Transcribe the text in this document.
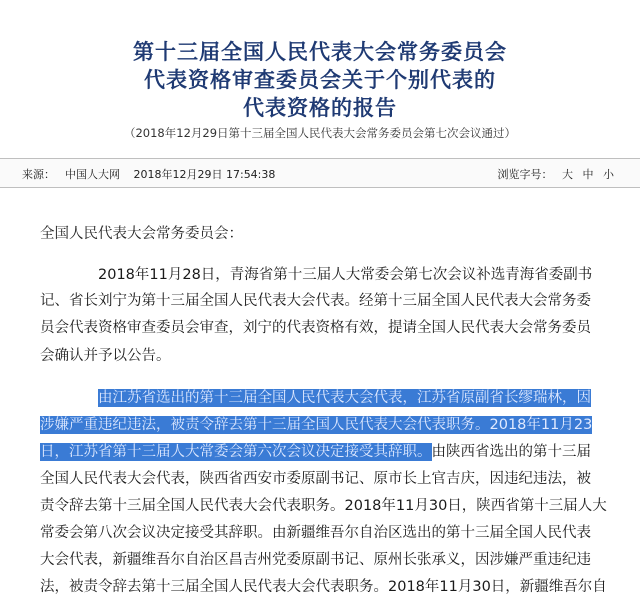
第十三届全国人民代表大会常务委员会
代表资格审查委员会关于个别代表的
代表资格的报告
（2018年12月29日第十三届全国人民代表大会常务委员会第七次会议通过）
来源： 中国人大网 2018年12月29日 17:54:38	浏览字号： 大 中 小
全国人民代表大会常务委员会：
2018年11月28日，青海省第十三届人大常委会第七次会议补选青海省委副书
记、省长刘宁为第十三届全国人民代表大会代表。经第十三届全国人民代表大会常务委
员会代表资格审查委员会审查，刘宁的代表资格有效，提请全国人民代表大会常务委员
会确认并予以公告。
由江苏省选出的第十三届全国人民代表大会代表，江苏省原副省长缪瑞林，因
涉嫌严重违纪违法，被责令辞去第十三届全国人民代表大会代表职务。2018年11月23
日，江苏省第十三届人大常委会第六次会议决定接受其辞职。由陕西省选出的第十三届
全国人民代表大会代表，陕西省西安市委原副书记、原市长上官吉庆，因违纪违法，被
责令辞去第十三届全国人民代表大会代表职务。2018年11月30日，陕西省第十三届人大
常委会第八次会议决定接受其辞职。由新疆维吾尔自治区选出的第十三届全国人民代表
大会代表，新疆维吾尔自治区昌吉州党委原副书记、原州长张承义，因涉嫌严重违纪违
法，被责令辞去第十三届全国人民代表大会代表职务。2018年11月30日，新疆维吾尔自
